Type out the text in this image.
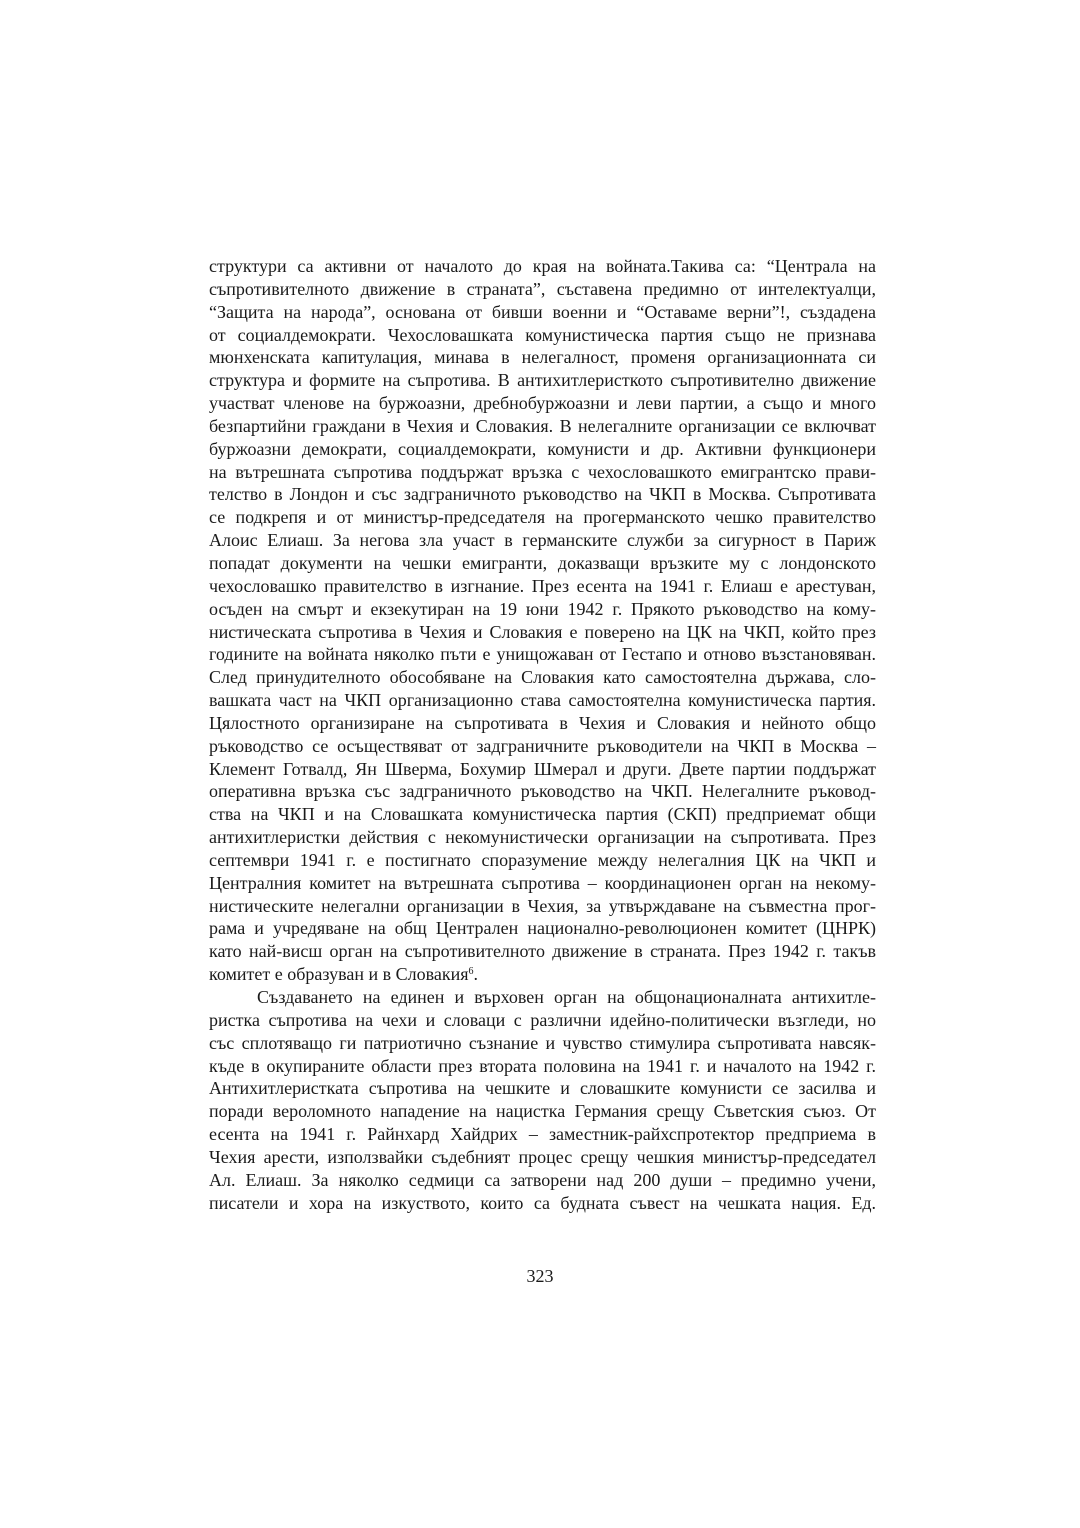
структури са активни от началото до края на войната.Такива са: “Централа на
съпротивителното движение в страната”, съставена предимно от интелектуалци,
“Защита на народа”, основана от бивши военни и “Оставаме верни”!, създадена
от социалдемократи. Чехословашката комунистическа партия също не признава
мюнхенската капитулация, минава в нелегалност, променя организационната си
структура и формите на съпротива. В антихитлеристкото съпротивително движение
участват членове на буржоазни, дребнобуржоазни и леви партии, а също и много
безпартийни граждани в Чехия и Словакия. В нелегалните организации се включват
буржоазни демократи, социалдемократи, комунисти и др. Активни функционери
на вътрешната съпротива поддържат връзка с чехословашкото емигрантско прави-
телство в Лондон и със задграничното ръководство на ЧКП в Москва. Съпротивата
се подкрепя и от министър-председателя на прогерманското чешко правителство
Алоис Елиаш. За негова зла участ в германските служби за сигурност в Париж
попадат документи на чешки емигранти, доказващи връзките му с лондонското
чехословашко правителство в изгнание. През есента на 1941 г. Елиаш е арестуван,
осъден на смърт и екзекутиран на 19 юни 1942 г. Прякото ръководство на кому-
нистическата съпротива в Чехия и Словакия е поверено на ЦК на ЧКП, който през
годините на войната няколко пъти е унищожаван от Гестапо и отново възстановяван.
След принудителното обособяване на Словакия като самостоятелна държава, сло-
вашката част на ЧКП организационно става самостоятелна комунистическа партия.
Цялостното организиране на съпротивата в Чехия и Словакия и нейното общо
ръководство се осъществяват от задграничните ръководители на ЧКП в Москва –
Клемент Готвалд, Ян Шверма, Бохумир Шмерал и други. Двете партии поддържат
оперативна връзка със задграничното ръководство на ЧКП. Нелегалните ръковод-
ства на ЧКП и на Словашката комунистическа партия (СКП) предприемат общи
антихитлеристки действия с некомунистически организации на съпротивата. През
септември 1941 г. е постигнато споразумение между нелегалния ЦК на ЧКП и
Централния комитет на вътрешната съпротива – координационен орган на некому-
нистическите нелегални организации в Чехия, за утвърждаване на съвместна прог-
рама и учредяване на общ Централен национално-революционен комитет (ЦНРК)
като най-висш орган на съпротивителното движение в страната. През 1942 г. такъв
комитет е образуван и в Словакия$^6$.
Създаването на единен и върховен орган на общонационалната антихитле-
ристка съпротива на чехи и словаци с различни идейно-политически възгледи, но
със сплотяващо ги патриотично съзнание и чувство стимулира съпротивата навсяк-
къде в окупираните области през втората половина на 1941 г. и началото на 1942 г.
Антихитлеристката съпротива на чешките и словашките комунисти се засилва и
поради вероломното нападение на нацистка Германия срещу Съветския съюз. От
есента на 1941 г. Райнхард Хайдрих – заместник-райхспротектор предприема в
Чехия арести, използвайки съдебният процес срещу чешкия министър-председател
Ал. Елиаш. За няколко седмици са затворени над 200 души – предимно учени,
писатели и хора на изкуството, които са будната съвест на чешката нация. Ед.
323
